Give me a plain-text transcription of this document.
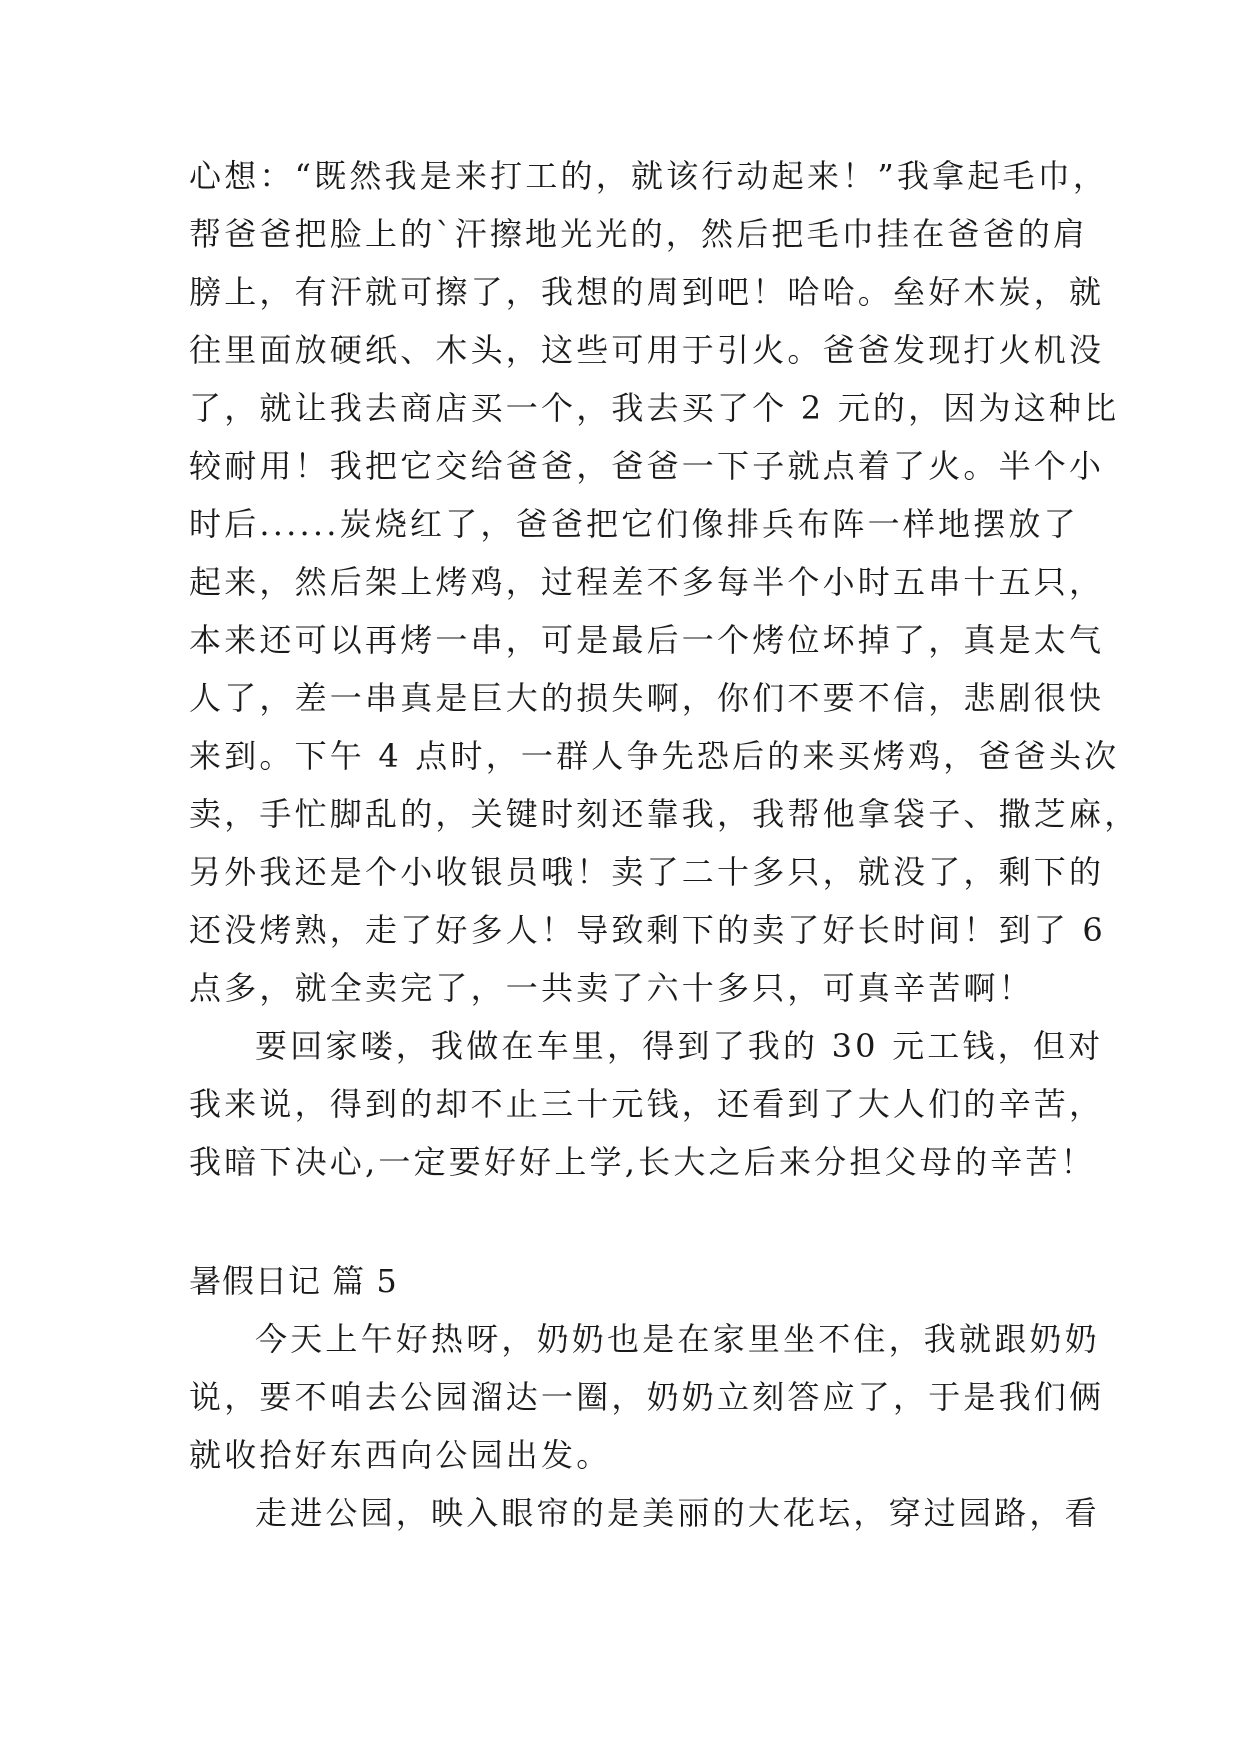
心想：“既然我是来打工的，就该行动起来！”我拿起毛巾，
帮爸爸把脸上的`汗擦地光光的，然后把毛巾挂在爸爸的肩
膀上，有汗就可擦了，我想的周到吧！哈哈。垒好木炭，就
往里面放硬纸、木头，这些可用于引火。爸爸发现打火机没
了，就让我去商店买一个，我去买了个 2 元的，因为这种比
较耐用！我把它交给爸爸，爸爸一下子就点着了火。半个小
时后......炭烧红了，爸爸把它们像排兵布阵一样地摆放了
起来，然后架上烤鸡，过程差不多每半个小时五串十五只，
本来还可以再烤一串，可是最后一个烤位坏掉了，真是太气
人了，差一串真是巨大的损失啊，你们不要不信，悲剧很快
来到。下午 4 点时，一群人争先恐后的来买烤鸡，爸爸头次
卖，手忙脚乱的，关键时刻还靠我，我帮他拿袋子、撒芝麻，
另外我还是个小收银员哦！卖了二十多只，就没了，剩下的
还没烤熟，走了好多人！导致剩下的卖了好长时间！到了 6
点多，就全卖完了，一共卖了六十多只，可真辛苦啊！
要回家喽，我做在车里，得到了我的 30 元工钱，但对
我来说，得到的却不止三十元钱，还看到了大人们的辛苦，
我暗下决心,一定要好好上学,长大之后来分担父母的辛苦！
暑假日记 篇 5
今天上午好热呀，奶奶也是在家里坐不住，我就跟奶奶
说，要不咱去公园溜达一圈，奶奶立刻答应了，于是我们俩
就收拾好东西向公园出发。
走进公园，映入眼帘的是美丽的大花坛，穿过园路，看
